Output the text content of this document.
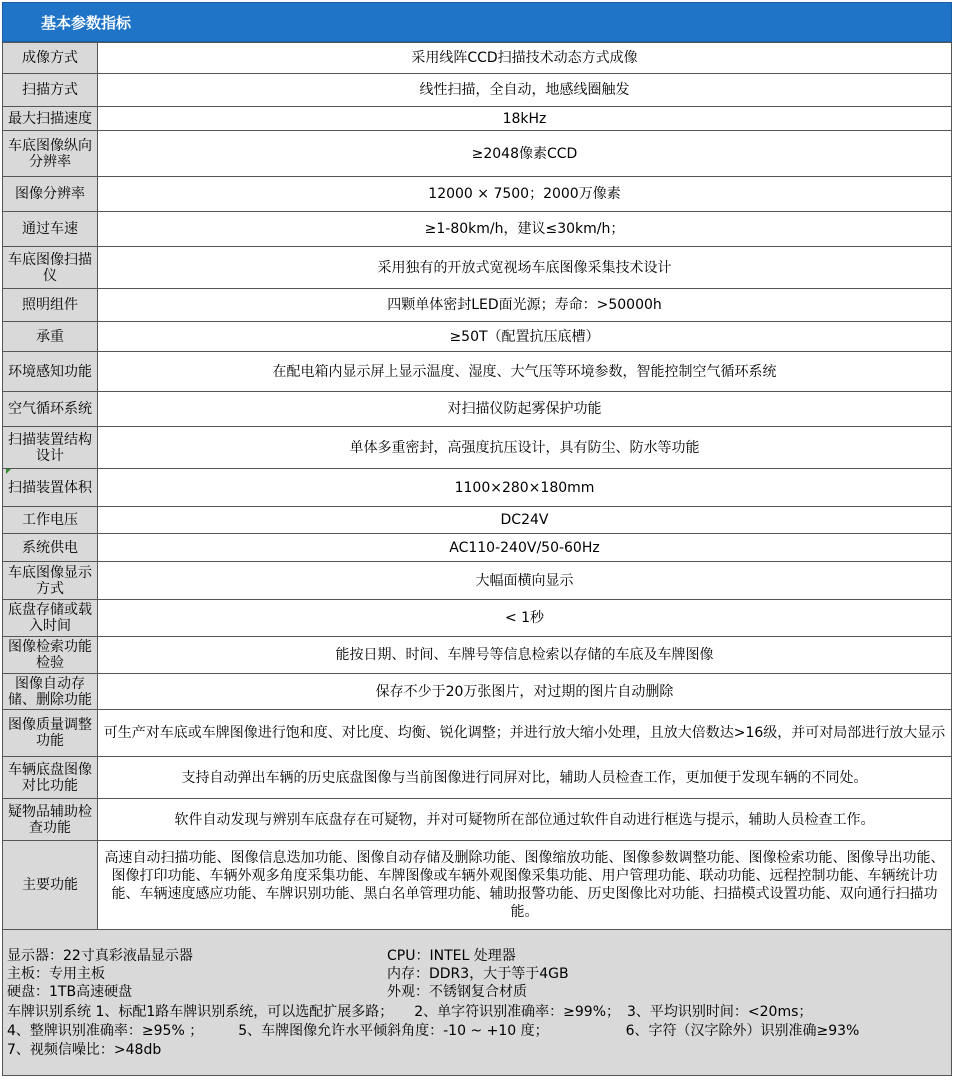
基本参数指标
成像方式	采用线阵CCD扫描技术动态方式成像
扫描方式	线性扫描，全自动，地感线圈触发
最大扫描速度	18kHz
车底图像纵向分辨率	≥2048像素CCD
图像分辨率	12000 × 7500；2000万像素
通过车速	≥1-80km/h，建议≤30km/h；
车底图像扫描仪	采用独有的开放式宽视场车底图像采集技术设计
照明组件	四颗单体密封LED面光源；寿命：>50000h
承重	≥50T（配置抗压底槽）
环境感知功能	在配电箱内显示屏上显示温度、湿度、大气压等环境参数，智能控制空气循环系统
空气循环系统	对扫描仪防起雾保护功能
扫描装置结构设计	单体多重密封，高强度抗压设计，具有防尘、防水等功能

扫描装置体积	1100×280×180mm
工作电压	DC24V
系统供电	AC110-240V/50-60Hz
车底图像显示方式	大幅面横向显示
底盘存储或载入时间	< 1秒
图像检索功能检验	能按日期、时间、车牌号等信息检索以存储的车底及车牌图像
图像自动存储、删除功能	保存不少于20万张图片，对过期的图片自动删除
图像质量调整功能	可生产对车底或车牌图像进行饱和度、对比度、均衡、锐化调整；并进行放大缩小处理，且放大倍数达>16级，并可对局部进行放大显示
车辆底盘图像对比功能	支持自动弹出车辆的历史底盘图像与当前图像进行同屏对比，辅助人员检查工作，更加便于发现车辆的不同处。
疑物品辅助检查功能	软件自动发现与辨别车底盘存在可疑物，并对可疑物所在部位通过软件自动进行框选与提示，辅助人员检查工作。
主要功能	高速自动扫描功能、图像信息迭加功能、图像自动存储及删除功能、图像缩放功能、图像参数调整功能、图像检索功能、图像导出功能、图像打印功能、车辆外观多角度采集功能、车牌图像或车辆外观图像采集功能、用户管理功能、联动功能、远程控制功能、车辆统计功能、车辆速度感应功能、车牌识别功能、黑白名单管理功能、辅助报警功能、历史图像比对功能、扫描模式设置功能、双向通行扫描功能。
显示器：22寸真彩液晶显示器	CPU：INTEL 处理器
主板：专用主板	内存：DDR3，大于等于4GB
硬盘：1TB高速硬盘	外观：不锈钢复合材质
车牌识别系统 1、标配1路车牌识别系统，可以选配扩展多路；　　2、单字符识别准确率：≥99%；　3、平均识别时间：<20ms；
4、整牌识别准确率：≥95% ；　　　5、车牌图像允许水平倾斜角度：-10 ~ +10 度；　　　　　　6、字符（汉字除外）识别准确≥93%
7、视频信噪比：>48db
